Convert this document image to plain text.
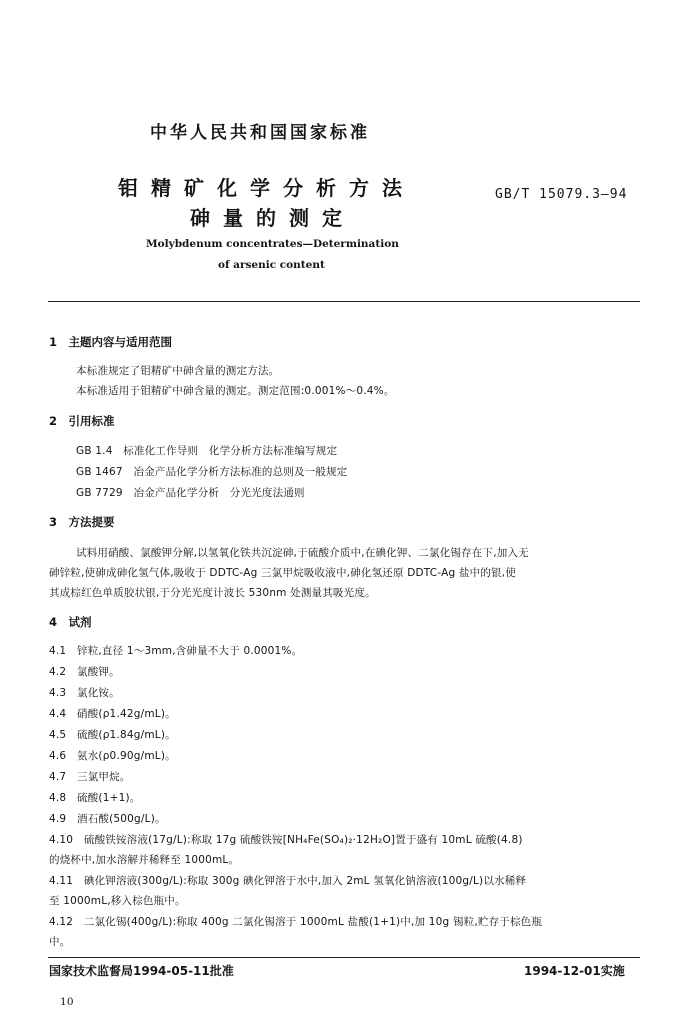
中华人民共和国国家标准
钼精矿化学分析方法
砷量的测定
GB/T 15079.3—94
Molybdenum concentrates—Determination
of arsenic content
1　主题内容与适用范围
本标准规定了钼精矿中砷含量的测定方法。
本标准适用于钼精矿中砷含量的测定。测定范围:0.001%～0.4%。
2　引用标准
GB 1.4　标准化工作导则　化学分析方法标准编写规定
GB 1467　冶金产品化学分析方法标准的总则及一般规定
GB 7729　冶金产品化学分析　分光光度法通则
3　方法提要
试料用硝酸、氯酸钾分解,以氢氧化铁共沉淀砷,于硫酸介质中,在碘化钾、二氯化锡存在下,加入无
砷锌粒,使砷成砷化氢气体,吸收于 DDTC-Ag 三氯甲烷吸收液中,砷化氢还原 DDTC-Ag 盐中的银,使
其成棕红色单质胶状银,于分光光度计波长 530nm 处测量其吸光度。
4　试剂
4.1　锌粒,直径 1～3mm,含砷量不大于 0.0001%。
4.2　氯酸钾。
4.3　氯化铵。
4.4　硝酸(ρ1.42g/mL)。
4.5　硫酸(ρ1.84g/mL)。
4.6　氨水(ρ0.90g/mL)。
4.7　三氯甲烷。
4.8　硫酸(1+1)。
4.9　酒石酸(500g/L)。
4.10　硫酸铁铵溶液(17g/L):称取 17g 硫酸铁铵[NH₄Fe(SO₄)₂·12H₂O]置于盛有 10mL 硫酸(4.8)
的烧杯中,加水溶解并稀释至 1000mL。
4.11　碘化钾溶液(300g/L):称取 300g 碘化钾溶于水中,加入 2mL 氢氧化钠溶液(100g/L)以水稀释
至 1000mL,移入棕色瓶中。
4.12　二氯化锡(400g/L):称取 400g 二氯化锡溶于 1000mL 盐酸(1+1)中,加 10g 锡粒,贮存于棕色瓶
中。
国家技术监督局1994-05-11批准	1994-12-01实施
10
